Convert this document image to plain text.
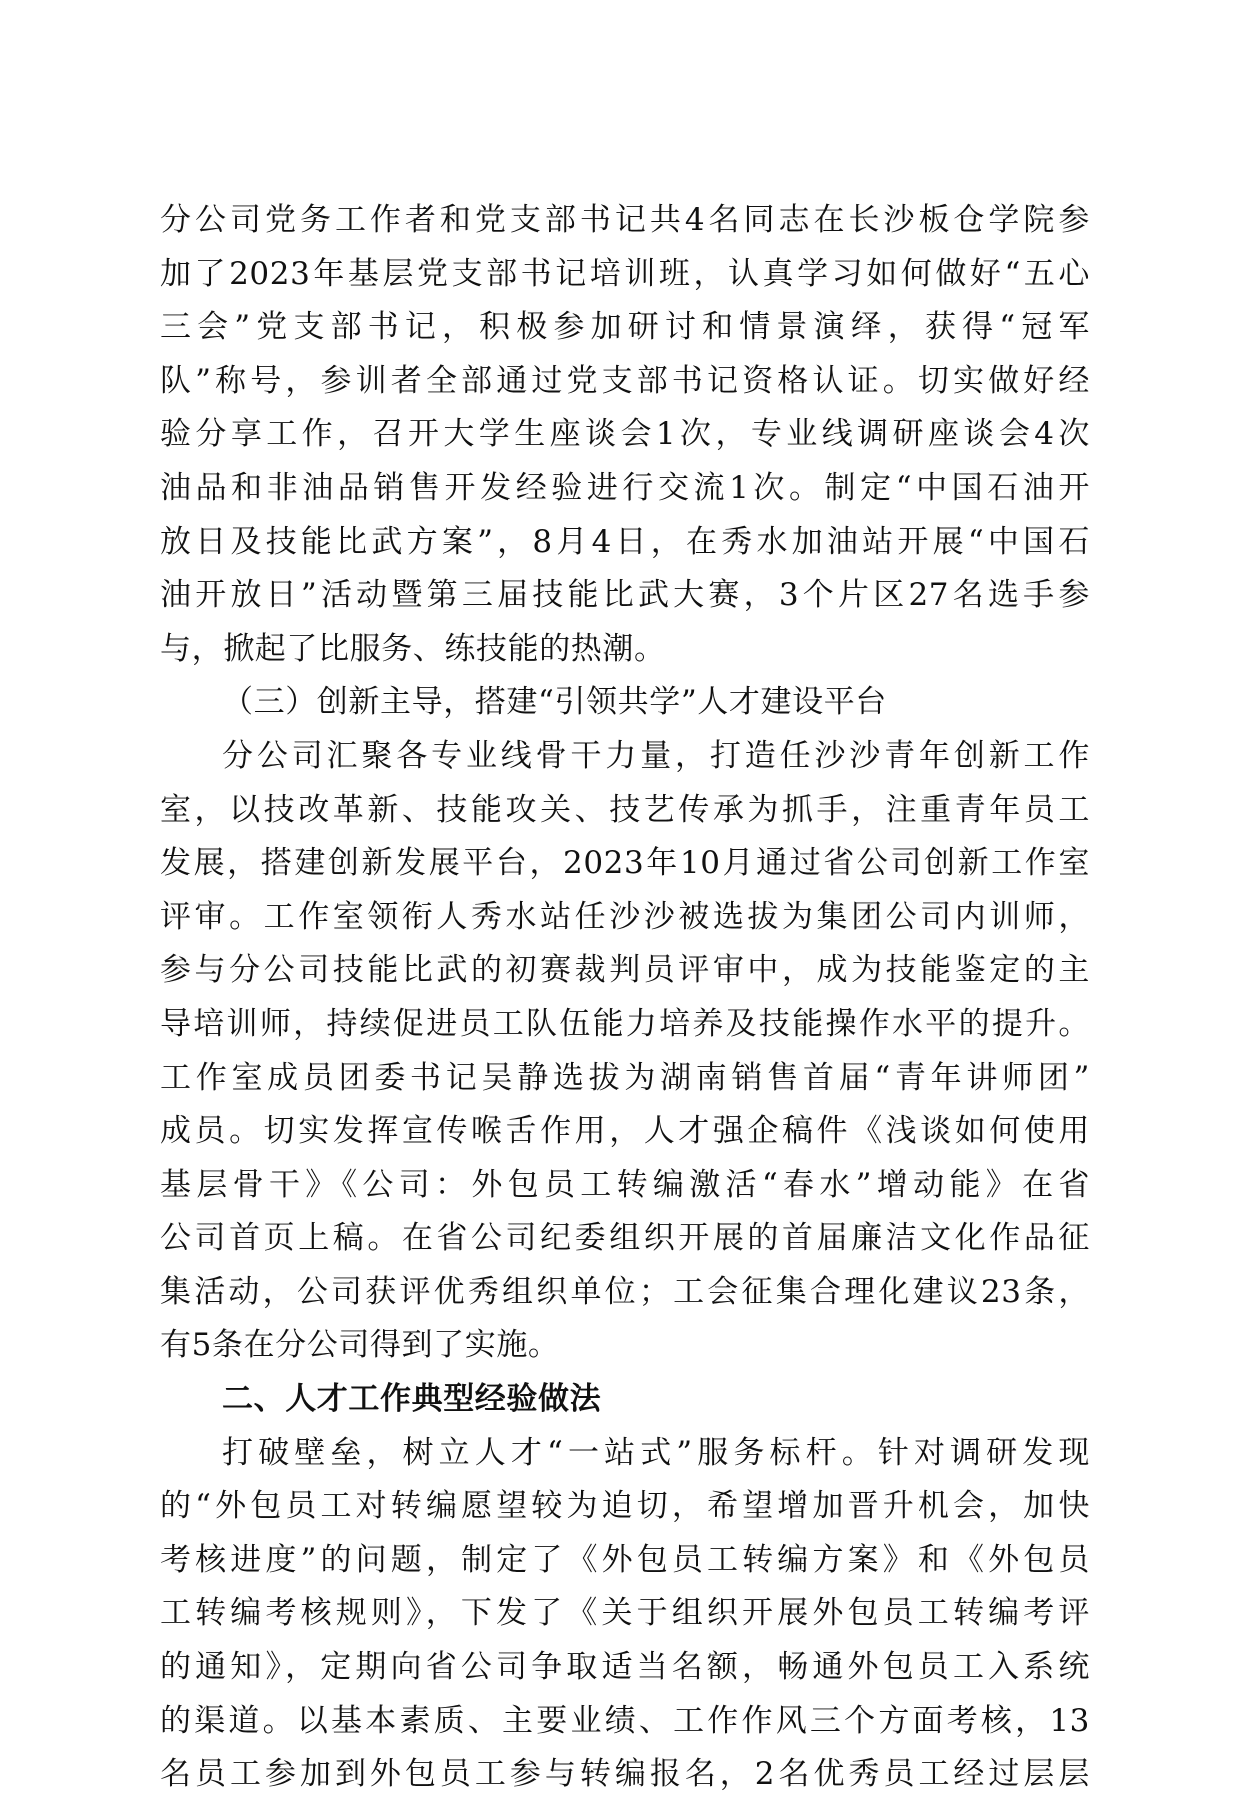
分公司党务工作者和党支部书记共4名同志在长沙板仓学院参
加了2023年基层党支部书记培训班，认真学习如何做好“五心
三会”党支部书记，积极参加研讨和情景演绎，获得“冠军
队”称号，参训者全部通过党支部书记资格认证。切实做好经
验分享工作，召开大学生座谈会1次，专业线调研座谈会4次
油品和非油品销售开发经验进行交流1次。制定“中国石油开
放日及技能比武方案”，8月4日，在秀水加油站开展“中国石
油开放日”活动暨第三届技能比武大赛，3个片区27名选手参
与，掀起了比服务、练技能的热潮。
（三）创新主导，搭建“引领共学”人才建设平台
分公司汇聚各专业线骨干力量，打造任沙沙青年创新工作
室，以技改革新、技能攻关、技艺传承为抓手，注重青年员工
发展，搭建创新发展平台，2023年10月通过省公司创新工作室
评审。工作室领衔人秀水站任沙沙被选拔为集团公司内训师，
参与分公司技能比武的初赛裁判员评审中，成为技能鉴定的主
导培训师，持续促进员工队伍能力培养及技能操作水平的提升。
工作室成员团委书记吴静选拔为湖南销售首届“青年讲师团”
成员。切实发挥宣传喉舌作用，人才强企稿件《浅谈如何使用
基层骨干》《公司：外包员工转编激活“春水”增动能》在省
公司首页上稿。在省公司纪委组织开展的首届廉洁文化作品征
集活动，公司获评优秀组织单位；工会征集合理化建议23条，
有5条在分公司得到了实施。
二、人才工作典型经验做法
打破壁垒，树立人才“一站式”服务标杆。针对调研发现
的“外包员工对转编愿望较为迫切，希望增加晋升机会，加快
考核进度”的问题，制定了《外包员工转编方案》和《外包员
工转编考核规则》，下发了《关于组织开展外包员工转编考评
的通知》，定期向省公司争取适当名额，畅通外包员工入系统
的渠道。以基本素质、主要业绩、工作作风三个方面考核，13
名员工参加到外包员工参与转编报名，2名优秀员工经过层层
